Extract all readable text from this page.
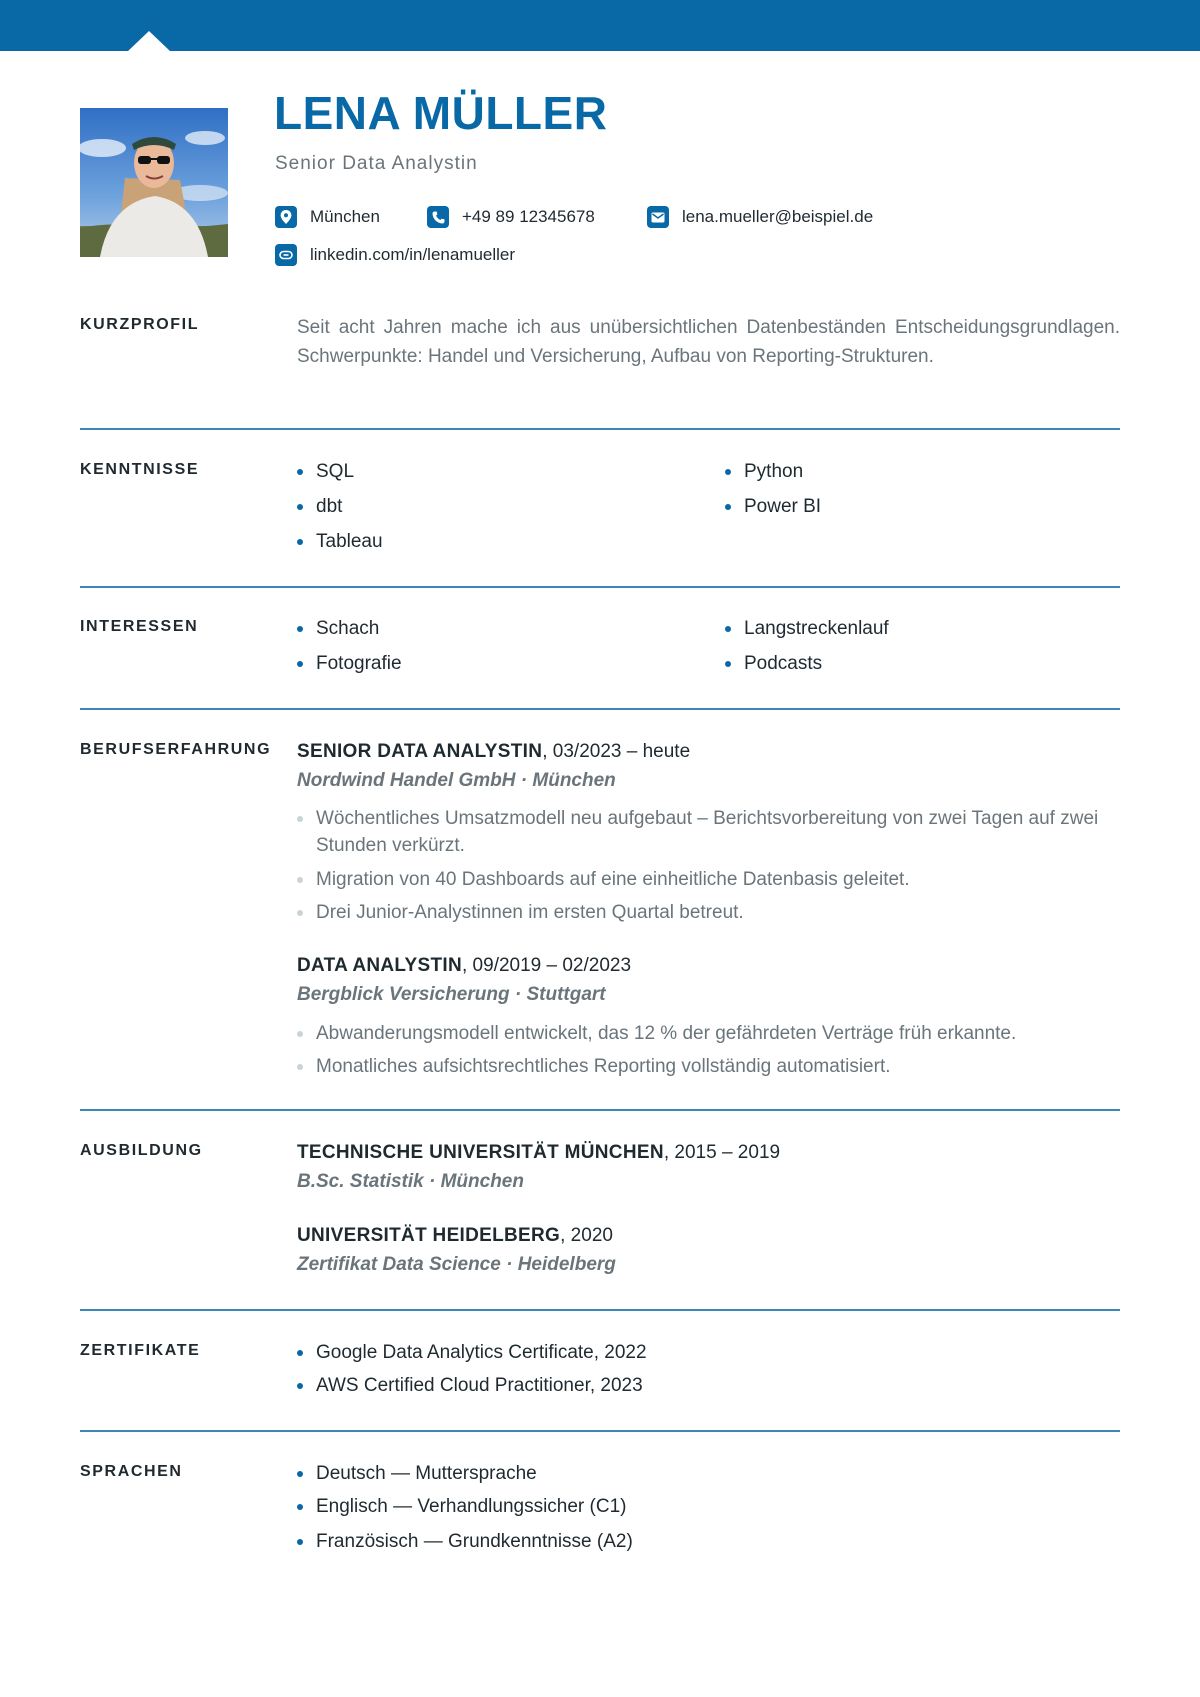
LENA MÜLLER
Senior Data Analystin
München	+49 89 12345678	lena.mueller@beispiel.de
linkedin.com/in/lenamueller
KURZPROFIL	Seit acht Jahren mache ich aus unübersichtlichen Datenbeständen Entscheidungsgrundlagen. Schwerpunkte: Handel und Versicherung, Aufbau von Reporting-Strukturen.
KENNTNISSE	SQL	Python
dbt	Power BI
Tableau
INTERESSEN	Schach	Langstreckenlauf
Fotografie	Podcasts
BERUFSERFAHRUNG SENIOR DATA ANALYSTIN, 03/2023 – heute
Nordwind Handel GmbH · München
Wöchentliches Umsatzmodell neu aufgebaut – Berichtsvorbereitung von zwei Tagen auf zwei Stunden verkürzt.
Migration von 40 Dashboards auf eine einheitliche Datenbasis geleitet.
Drei Junior-Analystinnen im ersten Quartal betreut.
DATA ANALYSTIN, 09/2019 – 02/2023
Bergblick Versicherung · Stuttgart
Abwanderungsmodell entwickelt, das 12 % der gefährdeten Verträge früh erkannte.
Monatliches aufsichtsrechtliches Reporting vollständig automatisiert.
AUSBILDUNG	TECHNISCHE UNIVERSITÄT MÜNCHEN, 2015 – 2019
B.Sc. Statistik · München
UNIVERSITÄT HEIDELBERG, 2020
Zertifikat Data Science · Heidelberg
ZERTIFIKATE	Google Data Analytics Certificate, 2022
AWS Certified Cloud Practitioner, 2023
SPRACHEN	Deutsch — Muttersprache
Englisch — Verhandlungssicher (C1)
Französisch — Grundkenntnisse (A2)
